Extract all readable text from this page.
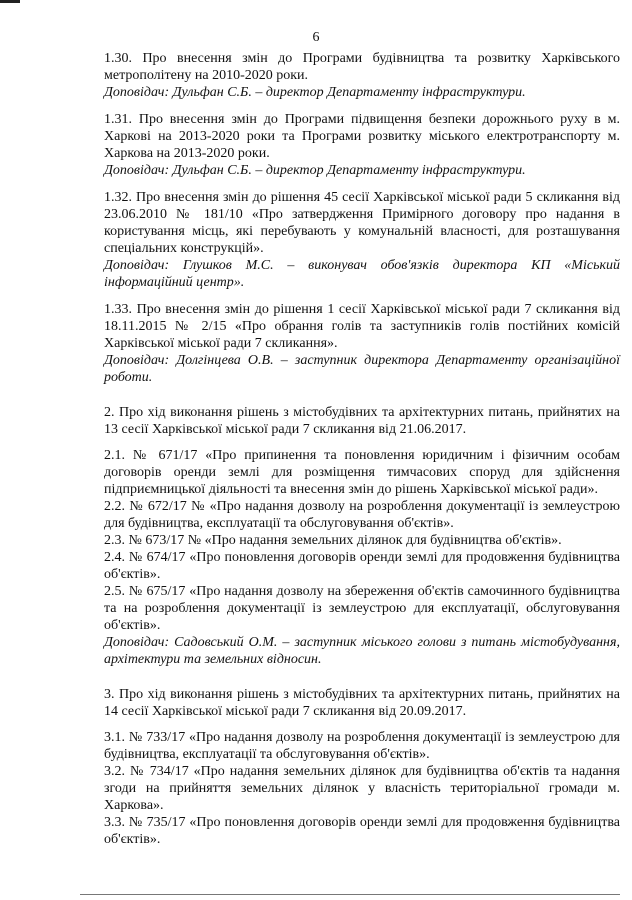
6

1.30. Про внесення змін до Програми будівництва та розвитку Харківського метрополітену на 2010-2020 роки.

Доповідач: Дульфан С.Б. – директор Департаменту інфраструктури.

1.31. Про внесення змін до Програми підвищення безпеки дорожнього руху в м. Харкові на 2013-2020 роки та Програми розвитку міського електротранспорту м. Харкова на 2013-2020 роки.

Доповідач: Дульфан С.Б. – директор Департаменту інфраструктури.

1.32. Про внесення змін до рішення 45 сесії Харківської міської ради 5 скликання від 23.06.2010 № 181/10 «Про затвердження Примірного договору про надання в користування місць, які перебувають у комунальній власності, для розташування спеціальних конструкцій».

Доповідач: Глушков М.С. – виконувач обов'язків директора КП «Міський інформаційний центр».

1.33. Про внесення змін до рішення 1 сесії Харківської міської ради 7 скликання від 18.11.2015 № 2/15 «Про обрання голів та заступників голів постійних комісій Харківської міської ради 7 скликання».

Доповідач: Долгінцева О.В. – заступник директора Департаменту організаційної роботи.

2. Про хід виконання рішень з містобудівних та архітектурних питань, прийнятих на 13 сесії Харківської міської ради 7 скликання від 21.06.2017.

2.1. № 671/17 «Про припинення та поновлення юридичним і фізичним особам договорів оренди землі для розміщення тимчасових споруд для здійснення підприємницької діяльності та внесення змін до рішень Харківської міської ради».

2.2. № 672/17 № «Про надання дозволу на розроблення документації із землеустрою для будівництва, експлуатації та обслуговування об'єктів».

2.3. № 673/17 № «Про надання земельних ділянок для будівництва об'єктів».

2.4. № 674/17 «Про поновлення договорів оренди землі для продовження будівництва об'єктів».

2.5. № 675/17 «Про надання дозволу на збереження об'єктів самочинного будівництва та на розроблення документації із землеустрою для експлуатації, обслуговування об'єктів».

Доповідач: Садовський О.М. – заступник міського голови з питань містобудування, архітектури та земельних відносин.

3. Про хід виконання рішень з містобудівних та архітектурних питань, прийнятих на 14 сесії Харківської міської ради 7 скликання від 20.09.2017.

3.1. № 733/17 «Про надання дозволу на розроблення документації із землеустрою для будівництва, експлуатації та обслуговування об'єктів».

3.2. № 734/17 «Про надання земельних ділянок для будівництва об'єктів та надання згоди на прийняття земельних ділянок у власність територіальної громади м. Харкова».

3.3. № 735/17 «Про поновлення договорів оренди землі для продовження будівництва об'єктів».
